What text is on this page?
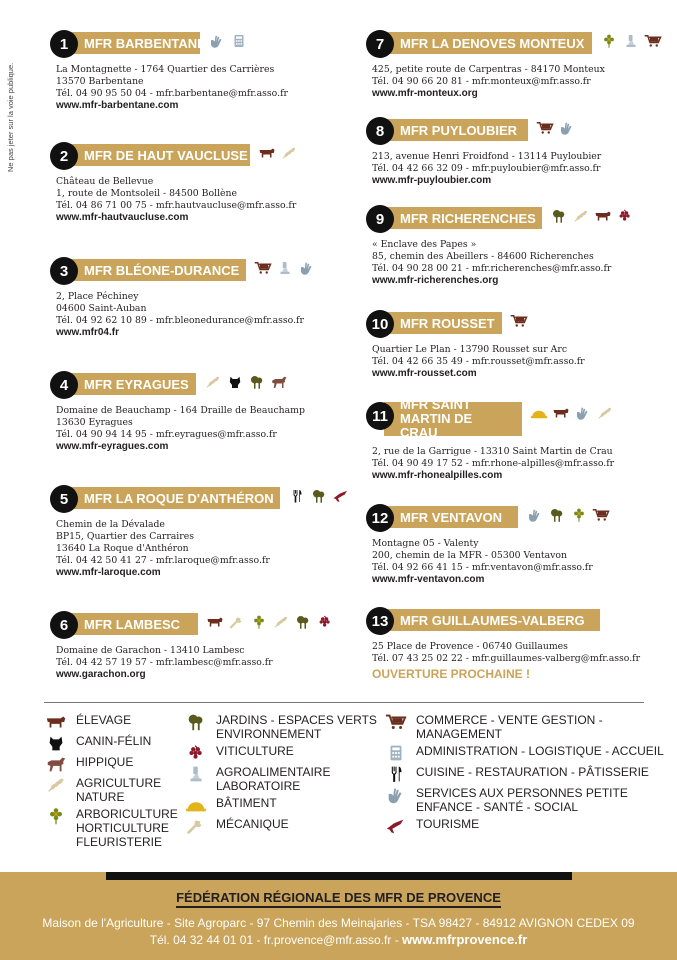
Ne pas jeter sur la voie publique.
1	MFR BARBENTANE
La Montagnette - 1764 Quartier des Carrières
13570 Barbentane
Tél. 04 90 95 50 04 - mfr.barbentane@mfr.asso.fr
www.mfr-barbentane.com
2	MFR DE HAUT VAUCLUSE
Château de Bellevue
1, route de Montsoleil - 84500 Bollène
Tél. 04 86 71 00 75 - mfr.hautvaucluse@mfr.asso.fr
www.mfr-hautvaucluse.com
3	MFR BLÉONE-DURANCE
2, Place Péchiney
04600 Saint-Auban
Tél. 04 92 62 10 89 - mfr.bleonedurance@mfr.asso.fr
www.mfr04.fr
4	MFR EYRAGUES
Domaine de Beauchamp - 164 Draille de Beauchamp
13630 Eyragues
Tél. 04 90 94 14 95 - mfr.eyragues@mfr.asso.fr
www.mfr-eyragues.com
5	MFR LA ROQUE D'ANTHÉRON
Chemin de la Dévalade
BP15, Quartier des Carraires
13640 La Roque d'Anthéron
Tél. 04 42 50 41 27 - mfr.laroque@mfr.asso.fr
www.mfr-laroque.com
6	MFR LAMBESC
Domaine de Garachon - 13410 Lambesc
Tél. 04 42 57 19 57 - mfr.lambesc@mfr.asso.fr
www.garachon.org
7	MFR LA DENOVES MONTEUX
425, petite route de Carpentras - 84170 Monteux
Tél. 04 90 66 20 81 - mfr.monteux@mfr.asso.fr
www.mfr-monteux.org
8	MFR PUYLOUBIER
213, avenue Henri Froidfond - 13114 Puyloubier
Tél. 04 42 66 32 09 - mfr.puyloubier@mfr.asso.fr
www.mfr-puyloubier.com
9	MFR RICHERENCHES
« Enclave des Papes »
85, chemin des Abeillers - 84600 Richerenches
Tél. 04 90 28 00 21 - mfr.richerenches@mfr.asso.fr
www.mfr-richerenches.org
10 MFR ROUSSET
Quartier Le Plan - 13790 Rousset sur Arc
Tél. 04 42 66 35 49 - mfr.rousset@mfr.asso.fr
www.mfr-rousset.com
11
MFR SAINT MARTIN DE CRAU
2, rue de la Garrigue - 13310 Saint Martin de Crau
Tél. 04 90 49 17 52 - mfr.rhone-alpilles@mfr.asso.fr
www.mfr-rhonealpilles.com
12 MFR VENTAVON
Montagne 05 - Valenty
200, chemin de la MFR - 05300 Ventavon
Tél. 04 92 66 41 15 - mfr.ventavon@mfr.asso.fr
www.mfr-ventavon.com
13 MFR GUILLAUMES-VALBERG
25 Place de Provence - 06740 Guillaumes
Tél. 07 43 25 02 22 - mfr.guillaumes-valberg@mfr.asso.fr
OUVERTURE PROCHAINE !
ÉLEVAGE
CANIN-FÉLIN
HIPPIQUE
AGRICULTURE NATURE
ARBORICULTURE HORTICULTURE FLEURISTERIE
JARDINS - ESPACES VERTS ENVIRONNEMENT
VITICULTURE
AGROALIMENTAIRE LABORATOIRE
BÂTIMENT
MÉCANIQUE
COMMERCE - VENTE GESTION - MANAGEMENT
ADMINISTRATION - LOGISTIQUE - ACCUEIL
CUISINE - RESTAURATION - PÂTISSERIE
SERVICES AUX PERSONNES PETITE ENFANCE - SANTÉ - SOCIAL
TOURISME
FÉDÉRATION RÉGIONALE DES MFR DE PROVENCE
Maison de l'Agriculture - Site Agroparc - 97 Chemin des Meinajaries - TSA 98427 - 84912 AVIGNON CEDEX 09
Tél. 04 32 44 01 01 - fr.provence@mfr.asso.fr - www.mfrprovence.fr
